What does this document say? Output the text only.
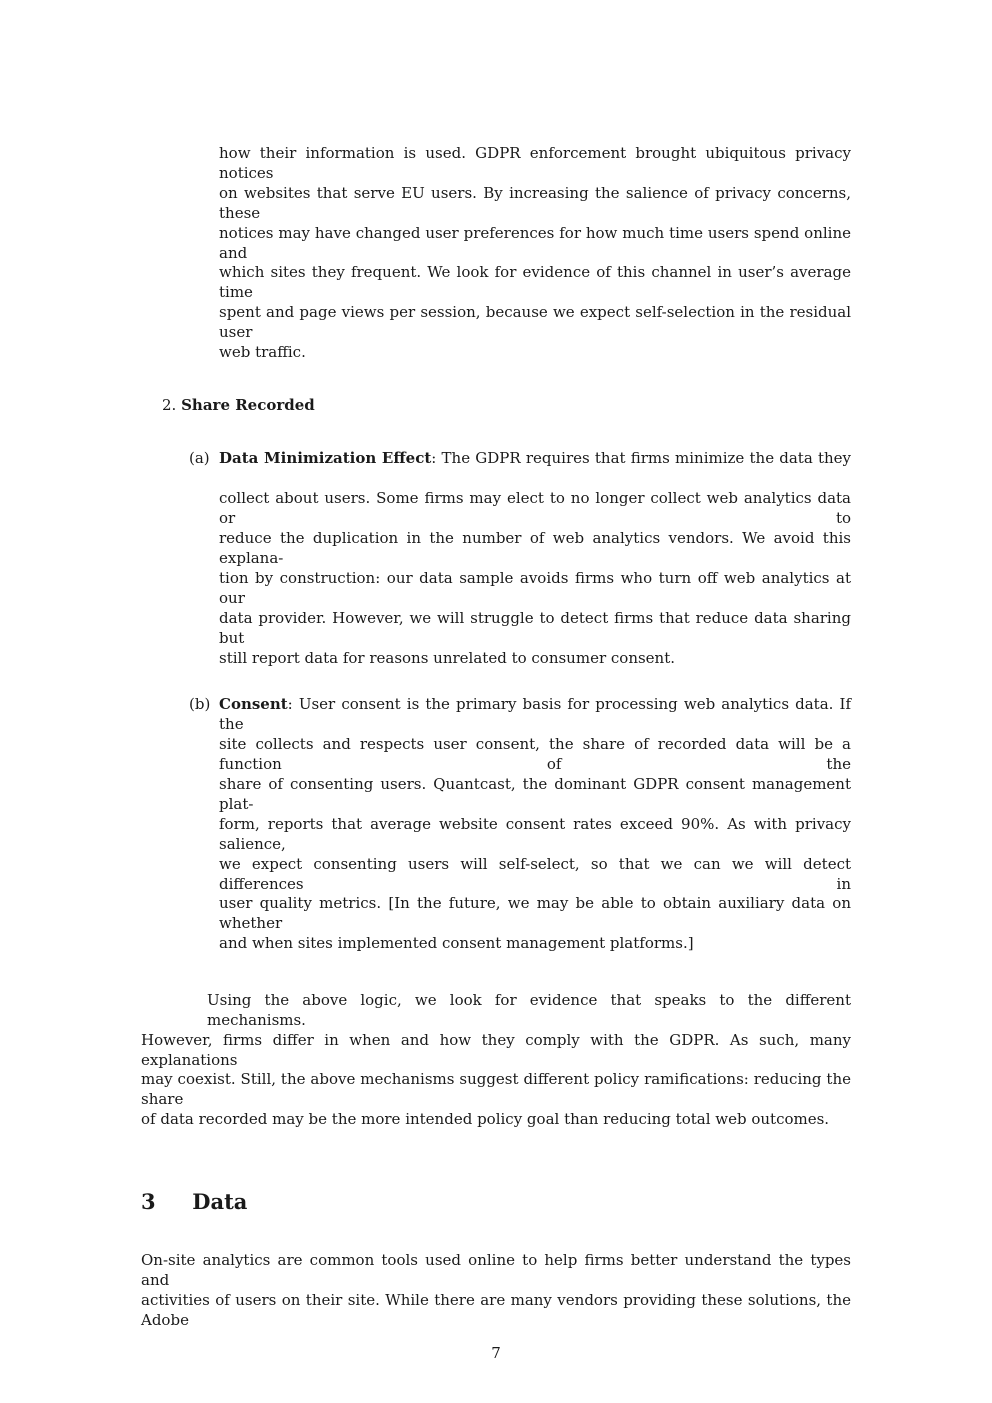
how their information is used. GDPR enforcement brought ubiquitous privacy notices
on websites that serve EU users. By increasing the salience of privacy concerns, these
notices may have changed user preferences for how much time users spend online and
which sites they frequent. We look for evidence of this channel in user’s average time
spent and page views per session, because we expect self-selection in the residual user
web traffic.
2. Share Recorded
(a) Data Minimization Effect: The GDPR requires that firms minimize the data they
collect about users. Some firms may elect to no longer collect web analytics data or to
reduce the duplication in the number of web analytics vendors. We avoid this explana-
tion by construction: our data sample avoids firms who turn off web analytics at our
data provider. However, we will struggle to detect firms that reduce data sharing but
still report data for reasons unrelated to consumer consent.
(b) Consent: User consent is the primary basis for processing web analytics data. If the
site collects and respects user consent, the share of recorded data will be a function of the
share of consenting users. Quantcast, the dominant GDPR consent management plat-
form, reports that average website consent rates exceed 90%. As with privacy salience,
we expect consenting users will self-select, so that we can we will detect differences in
user quality metrics. [In the future, we may be able to obtain auxiliary data on whether
and when sites implemented consent management platforms.]
Using the above logic, we look for evidence that speaks to the different mechanisms.
However, firms differ in when and how they comply with the GDPR. As such, many explanations
may coexist. Still, the above mechanisms suggest different policy ramifications: reducing the share
of data recorded may be the more intended policy goal than reducing total web outcomes.
3 Data
On-site analytics are common tools used online to help firms better understand the types and
activities of users on their site. While there are many vendors providing these solutions, the Adobe
7
